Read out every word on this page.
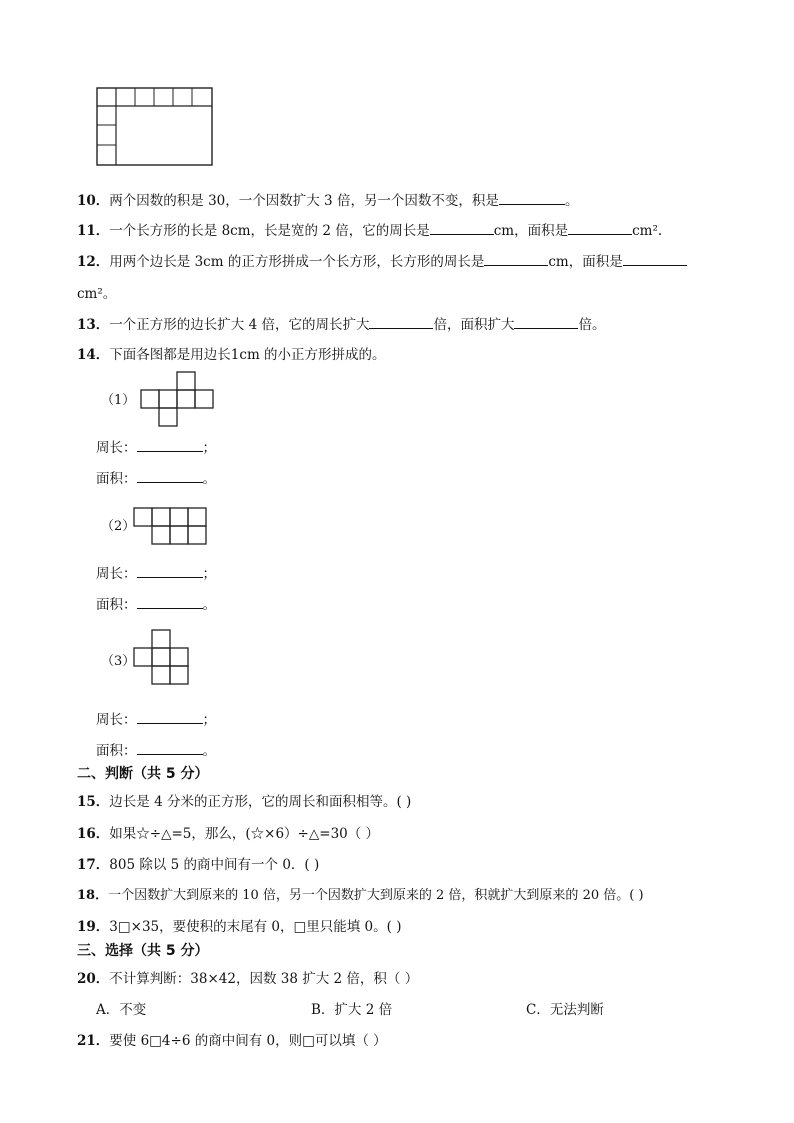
10．两个因数的积是 30，一个因数扩大 3 倍，另一个因数不变，积是	。
11．一个长方形的长是 8cm，长是宽的 2 倍，它的周长是	cm，面积是	cm².
12．用两个边长是 3cm 的正方形拼成一个长方形，长方形的周长是	cm，面积是
cm²。
13．一个正方形的边长扩大 4 倍，它的周长扩大	倍，面积扩大	倍。
14．下面各图都是用边长1cm 的小正方形拼成的。
（1）
周长：	；
面积：	。
（2）
周长：	；
面积：	。
（3）
周长：	；
面积：	。
二、判断（共 5 分）
15．边长是 4 分米的正方形，它的周长和面积相等。( )
16．如果☆÷△=5，那么，(☆×6）÷△=30（ ）
17．805 除以 5 的商中间有一个 0．( )
18．一个因数扩大到原来的 10 倍，另一个因数扩大到原来的 2 倍，积就扩大到原来的 20 倍。( )
19．3□×35，要使积的末尾有 0，□里只能填 0。( )
三、选择（共 5 分）
20．不计算判断：38×42，因数 38 扩大 2 倍，积（ ）
A．不变	B．扩大 2 倍	C．无法判断
21．要使 6□4÷6 的商中间有 0，则□可以填（ ）
